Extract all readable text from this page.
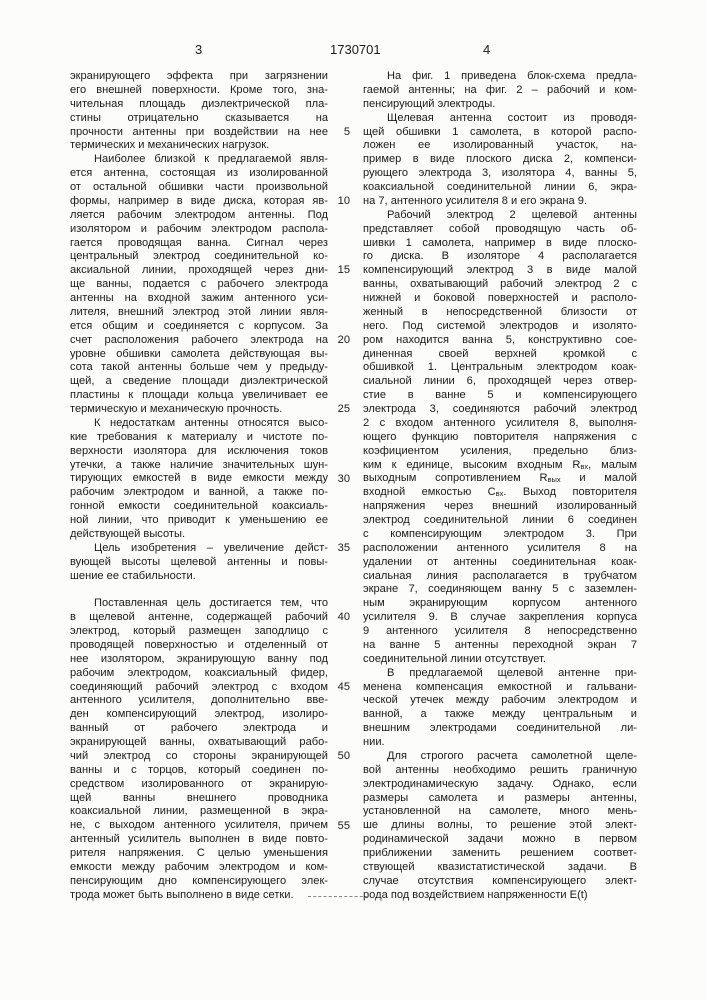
3	1730701	4
экранирующего эффекта при загрязнении
его внешней поверхности. Кроме того, зна-
чительная площадь диэлектрической пла-
стины отрицательно сказывается на
прочности антенны при воздействии на нее
термических и механических нагрузок.
Наиболее близкой к предлагаемой явля-
ется антенна, состоящая из изолированной
от остальной обшивки части произвольной
формы, например в виде диска, которая яв-
ляется рабочим электродом антенны. Под
изолятором и рабочим электродом распола-
гается проводящая ванна. Сигнал через
центральный электрод соединительной ко-
аксиальной линии, проходящей через дни-
ще ванны, подается с рабочего электрода
антенны на входной зажим антенного уси-
лителя, внешний электрод этой линии явля-
ется общим и соединяется с корпусом. За
счет расположения рабочего электрода на
уровне обшивки самолета действующая вы-
сота такой антенны больше чем у предыду-
щей, а сведение площади диэлектрической
пластины к площади кольца увеличивает ее
термическую и механическую прочность.
К недостаткам антенны относятся высо-
кие требования к материалу и чистоте по-
верхности изолятора для исключения токов
утечки, а также наличие значительных шун-
тирующих емкостей в виде емкости между
рабочим электродом и ванной, а также по-
гонной емкости соединительной коаксиаль-
ной линии, что приводит к уменьшению ее
действующей высоты.
Цель изобретения – увеличение дейст-
вующей высоты щелевой антенны и повы-
шение ее стабильности.
Поставленная цель достигается тем, что
в щелевой антенне, содержащей рабочий
электрод, который размещен заподлицо с
проводящей поверхностью и отделенный от
нее изолятором, экранирующую ванну под
рабочим электродом, коаксиальный фидер,
соединяющий рабочий электрод с входом
антенного усилителя, дополнительно вве-
ден компенсирующий электрод, изолиро-
ванный от рабочего электрода и
экранирующей ванны, охватывающий рабо-
чий электрод со стороны экранирующей
ванны и с торцов, который соединен по-
средством изолированного от экранирую-
щей ванны внешнего проводника
коаксиальной линии, размещенной в экра-
не, с выходом антенного усилителя, причем
антенный усилитель выполнен в виде повто-
рителя напряжения. С целью уменьшения
емкости между рабочим электродом и ком-
пенсирующим дно компенсирующего элек-
трода может быть выполнено в виде сетки.
На фиг. 1 приведена блок-схема предла-
гаемой антенны; на фиг. 2 – рабочий и ком-
пенсирующий электроды.
Щелевая антенна состоит из проводя-
щей обшивки 1 самолета, в которой распо-
ложен ее изолированный участок, на-
пример в виде плоского диска 2, компенси-
рующего электрода 3, изолятора 4, ванны 5,
коаксиальной соединительной линии 6, экра-
на 7, антенного усилителя 8 и его экрана 9.
Рабочий электрод 2 щелевой антенны
представляет собой проводящую часть об-
шивки 1 самолета, например в виде плоско-
го диска. В изоляторе 4 располагается
компенсирующий электрод 3 в виде малой
ванны, охватывающий рабочий электрод 2 с
нижней и боковой поверхностей и располо-
женный в непосредственной близости от
него. Под системой электродов и изолято-
ром находится ванна 5, конструктивно сое-
диненная своей верхней кромкой с
обшивкой 1. Центральным электродом коак-
сиальной линии 6, проходящей через отвер-
стие в ванне 5 и компенсирующего
электрода 3, соединяются рабочий электрод
2 с входом антенного усилителя 8, выполня-
ющего функцию повторителя напряжения с
коэфициентом усиления, предельно близ-
ким к единице, высоким входным Rвх, малым
выходным сопротивлением Rвых и малой
входной емкостью Cвх. Выход повторителя
напряжения через внешний изолированный
электрод соединительной линии 6 соединен
с компенсирующим электродом 3. При
расположении антенного усилителя 8 на
удалении от антенны соединительная коак-
сиальная линия располагается в трубчатом
экране 7, соединяющем ванну 5 с заземлен-
ным экранирующим корпусом антенного
усилителя 9. В случае закрепления корпуса
9 антенного усилителя 8 непосредственно
на ванне 5 антенны переходной экран 7
соединительной линии отсутствует.
В предлагаемой щелевой антенне при-
менена компенсация емкостной и гальвани-
ческой утечек между рабочим электродом и
ванной, а также между центральным и
внешним электродами соединительной ли-
нии.
Для строгого расчета самолетной щеле-
вой антенны необходимо решить граничную
электродинамическую задачу. Однако, если
размеры самолета и размеры антенны,
установленной на самолете, много мень-
ше длины волны, то решение этой элект-
родинамической задачи можно в первом
приближении заменить решением соответ-
ствующей квазистатистической задачи. В
случае отсутствия компенсирующего элект-
рода под воздействием напряженности E(t)
5
10
15
20
25
30
35
40
45
50
55
